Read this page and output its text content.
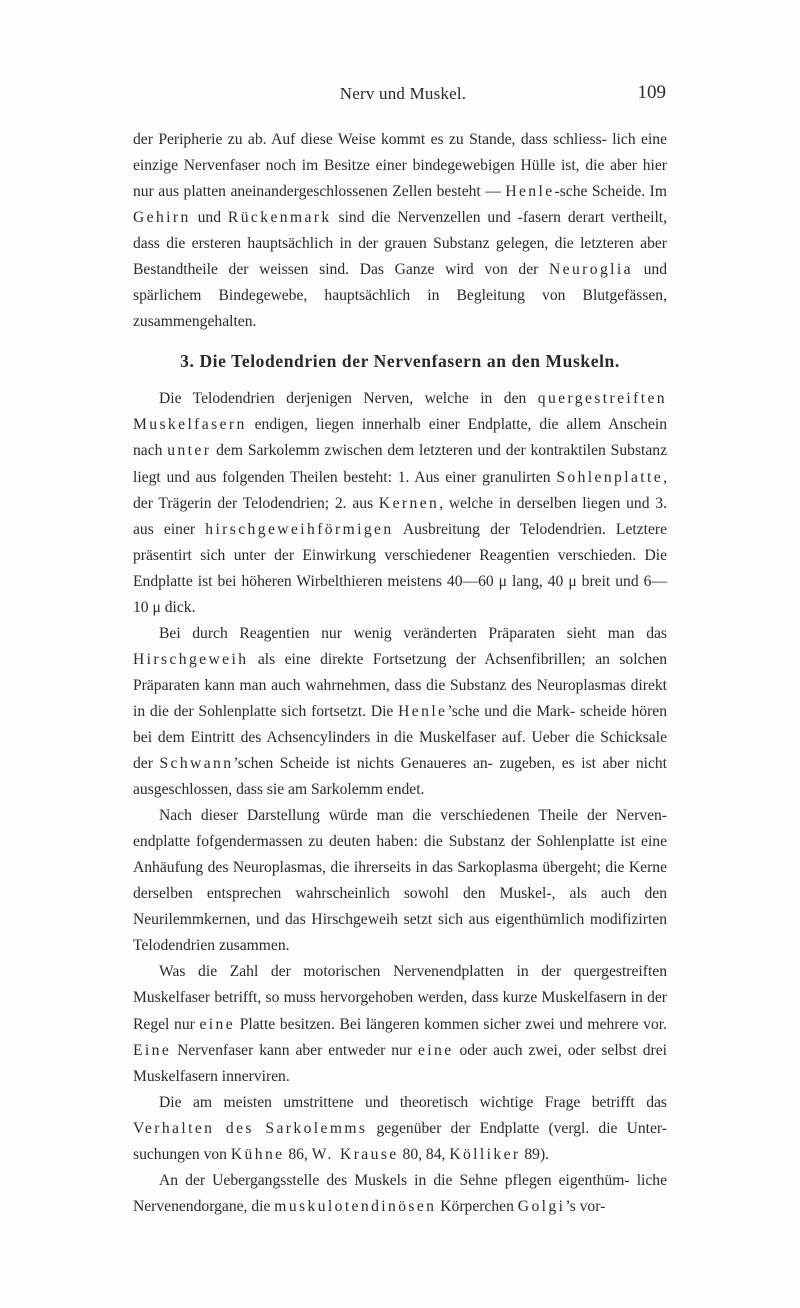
Nerv und Muskel.	109

der Peripherie zu ab. Auf diese Weise kommt es zu Stande, dass schliess- lich eine einzige Nervenfaser noch im Besitze einer bindegewebigen Hülle ist, die aber hier nur aus platten aneinandergeschlossenen Zellen besteht — Henle-sche Scheide. Im Gehirn und Rückenmark sind die Nervenzellen und -fasern derart vertheilt, dass die ersteren hauptsächlich in der grauen Substanz gelegen, die letzteren aber Bestandtheile der weissen sind. Das Ganze wird von der Neuroglia und spärlichem Bindegewebe, hauptsächlich in Begleitung von Blutgefässen, zusammengehalten.

3. Die Telodendrien der Nervenfasern an den Muskeln.

Die Telodendrien derjenigen Nerven, welche in den quergestreiften Muskelfasern endigen, liegen innerhalb einer Endplatte, die allem Anschein nach unter dem Sarkolemm zwischen dem letzteren und der kontraktilen Substanz liegt und aus folgenden Theilen besteht: 1. Aus einer granulirten Sohlenplatte, der Trägerin der Telodendrien; 2. aus Kernen, welche in derselben liegen und 3. aus einer hirschgeweihförmigen Ausbreitung der Telodendrien. Letztere präsentirt sich unter der Einwirkung verschiedener Reagentien verschieden. Die Endplatte ist bei höheren Wirbelthieren meistens 40—60 μ lang, 40 μ breit und 6—10 μ dick.

Bei durch Reagentien nur wenig veränderten Präparaten sieht man das Hirschgeweih als eine direkte Fortsetzung der Achsenfibrillen; an solchen Präparaten kann man auch wahrnehmen, dass die Substanz des Neuroplasmas direkt in die der Sohlenplatte sich fortsetzt. Die Henle’sche und die Mark- scheide hören bei dem Eintritt des Achsencylinders in die Muskelfaser auf. Ueber die Schicksale der Schwann’schen Scheide ist nichts Genaueres an- zugeben, es ist aber nicht ausgeschlossen, dass sie am Sarkolemm endet.

Nach dieser Darstellung würde man die verschiedenen Theile der Nerven- endplatte fofgendermassen zu deuten haben: die Substanz der Sohlenplatte ist eine Anhäufung des Neuroplasmas, die ihrerseits in das Sarkoplasma übergeht; die Kerne derselben entsprechen wahrscheinlich sowohl den Muskel-, als auch den Neurilemmkernen, und das Hirschgeweih setzt sich aus eigenthümlich modifizirten Telodendrien zusammen.

Was die Zahl der motorischen Nervenendplatten in der quergestreiften Muskelfaser betrifft, so muss hervorgehoben werden, dass kurze Muskelfasern in der Regel nur eine Platte besitzen. Bei längeren kommen sicher zwei und mehrere vor. Eine Nervenfaser kann aber entweder nur eine oder auch zwei, oder selbst drei Muskelfasern innerviren.

Die am meisten umstrittene und theoretisch wichtige Frage betrifft das Verhalten des Sarkolemms gegenüber der Endplatte (vergl. die Unter- suchungen von Kühne 86, W. Krause 80, 84, Kölliker 89).

An der Uebergangsstelle des Muskels in die Sehne pflegen eigenthüm- liche Nervenendorgane, die muskulotendinösen Körperchen Golgi’s vor-
